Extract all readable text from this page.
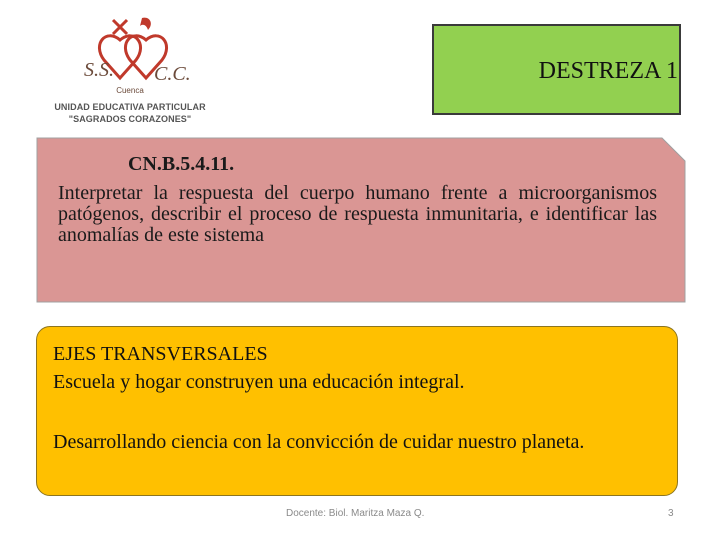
S.S. C.C.
Cuenca
UNIDAD EDUCATIVA PARTICULAR
"SAGRADOS CORAZONES"
DESTREZA 1
CN.B.5.4.11.
Interpretar la respuesta del cuerpo humano frente a microorganismos patógenos, describir el proceso de respuesta inmunitaria, e identificar las anomalías de este sistema
EJES TRANSVERSALES
Escuela y hogar construyen una educación integral.
Desarrollando ciencia con la convicción de cuidar nuestro planeta.
Docente: Biol. Maritza Maza Q.	3
